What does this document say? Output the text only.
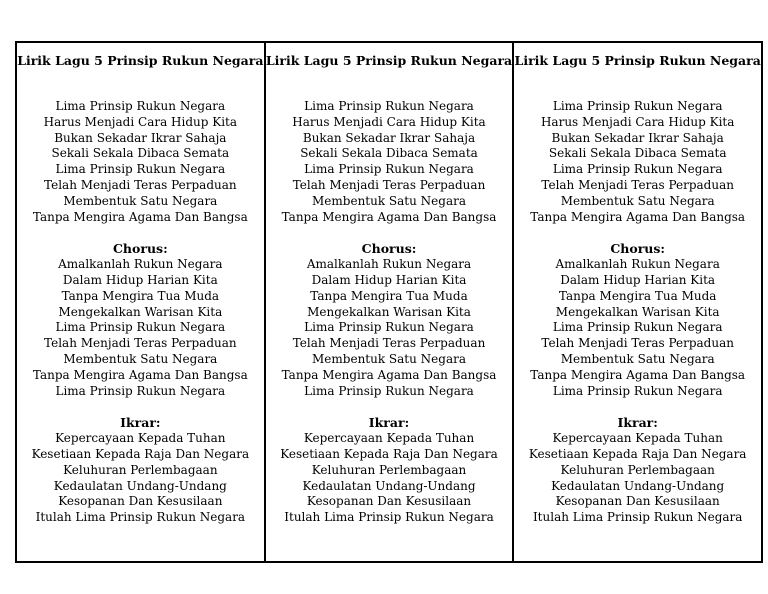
Lirik Lagu 5 Prinsip Rukun Negara
Lima Prinsip Rukun Negara
Harus Menjadi Cara Hidup Kita
Bukan Sekadar Ikrar Sahaja
Sekali Sekala Dibaca Semata
Lima Prinsip Rukun Negara
Telah Menjadi Teras Perpaduan
Membentuk Satu Negara
Tanpa Mengira Agama Dan Bangsa
Chorus:
Amalkanlah Rukun Negara
Dalam Hidup Harian Kita
Tanpa Mengira Tua Muda
Mengekalkan Warisan Kita
Lima Prinsip Rukun Negara
Telah Menjadi Teras Perpaduan
Membentuk Satu Negara
Tanpa Mengira Agama Dan Bangsa
Lima Prinsip Rukun Negara
Ikrar:
Kepercayaan Kepada Tuhan
Kesetiaan Kepada Raja Dan Negara
Keluhuran Perlembagaan
Kedaulatan Undang-Undang
Kesopanan Dan Kesusilaan
Itulah Lima Prinsip Rukun Negara
Lirik Lagu 5 Prinsip Rukun Negara
Lima Prinsip Rukun Negara
Harus Menjadi Cara Hidup Kita
Bukan Sekadar Ikrar Sahaja
Sekali Sekala Dibaca Semata
Lima Prinsip Rukun Negara
Telah Menjadi Teras Perpaduan
Membentuk Satu Negara
Tanpa Mengira Agama Dan Bangsa
Chorus:
Amalkanlah Rukun Negara
Dalam Hidup Harian Kita
Tanpa Mengira Tua Muda
Mengekalkan Warisan Kita
Lima Prinsip Rukun Negara
Telah Menjadi Teras Perpaduan
Membentuk Satu Negara
Tanpa Mengira Agama Dan Bangsa
Lima Prinsip Rukun Negara
Ikrar:
Kepercayaan Kepada Tuhan
Kesetiaan Kepada Raja Dan Negara
Keluhuran Perlembagaan
Kedaulatan Undang-Undang
Kesopanan Dan Kesusilaan
Itulah Lima Prinsip Rukun Negara
Lirik Lagu 5 Prinsip Rukun Negara
Lima Prinsip Rukun Negara
Harus Menjadi Cara Hidup Kita
Bukan Sekadar Ikrar Sahaja
Sekali Sekala Dibaca Semata
Lima Prinsip Rukun Negara
Telah Menjadi Teras Perpaduan
Membentuk Satu Negara
Tanpa Mengira Agama Dan Bangsa
Chorus:
Amalkanlah Rukun Negara
Dalam Hidup Harian Kita
Tanpa Mengira Tua Muda
Mengekalkan Warisan Kita
Lima Prinsip Rukun Negara
Telah Menjadi Teras Perpaduan
Membentuk Satu Negara
Tanpa Mengira Agama Dan Bangsa
Lima Prinsip Rukun Negara
Ikrar:
Kepercayaan Kepada Tuhan
Kesetiaan Kepada Raja Dan Negara
Keluhuran Perlembagaan
Kedaulatan Undang-Undang
Kesopanan Dan Kesusilaan
Itulah Lima Prinsip Rukun Negara
